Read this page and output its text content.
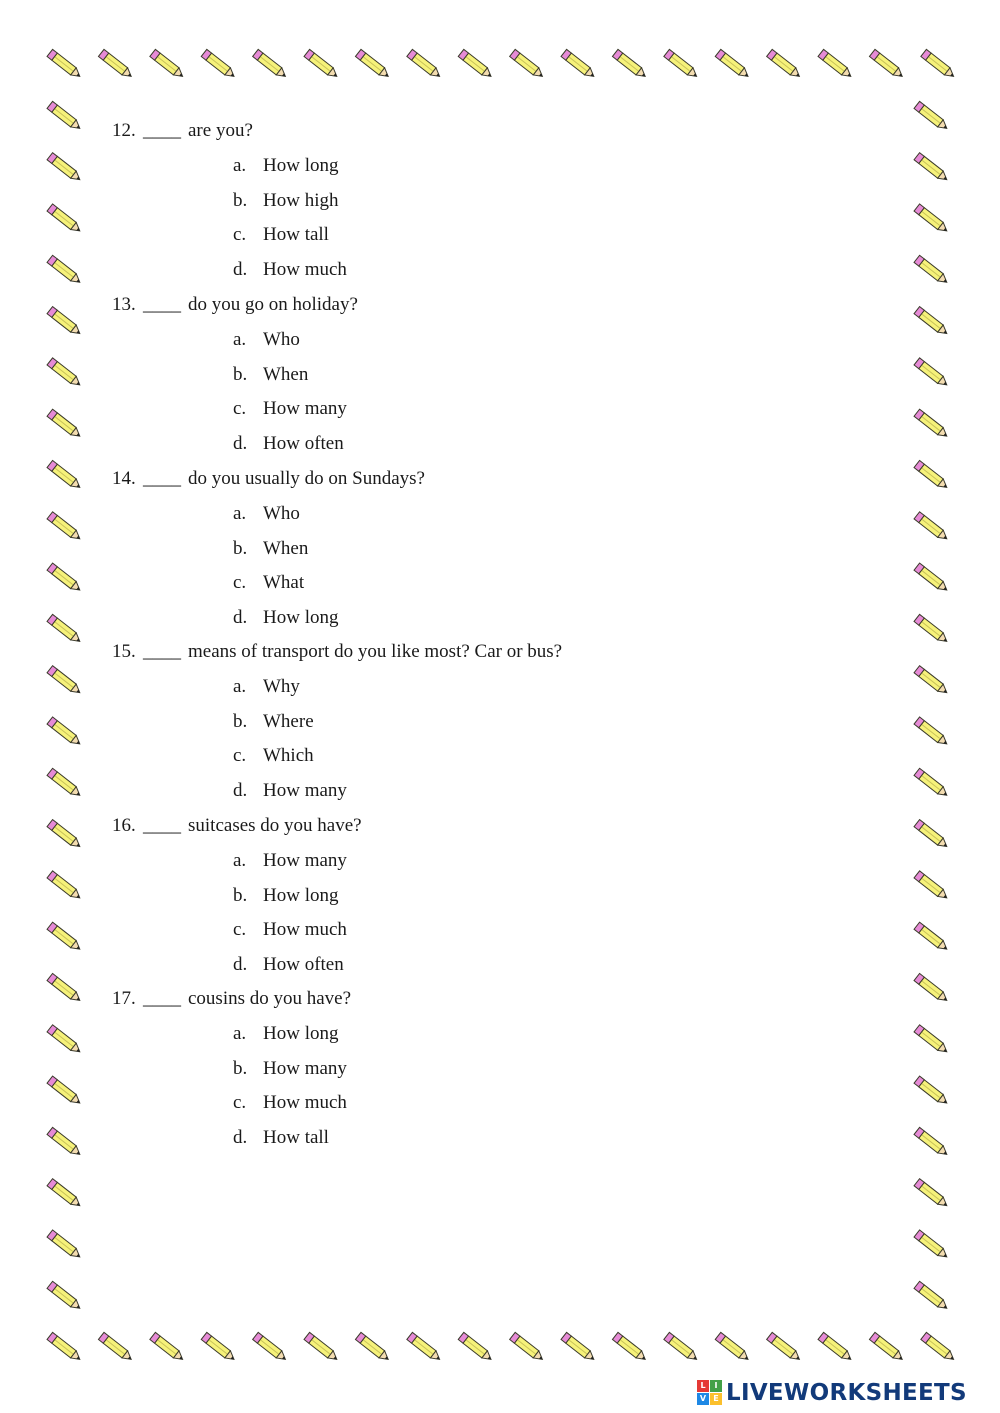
12. ____ are you?
a. How long
b. How high
c. How tall
d. How much
13. ____ do you go on holiday?
a. Who
b. When
c. How many
d. How often
14. ____ do you usually do on Sundays?
a. Who
b. When
c. What
d. How long
15. ____ means of transport do you like most? Car or bus?
a. Why
b. Where
c. Which
d. How many
16. ____ suitcases do you have?
a. How many
b. How long
c. How much
d. How often
17. ____ cousins do you have?
a. How long
b. How many
c. How much
d. How tall
L	I
V E LIVEWORKSHEETS
